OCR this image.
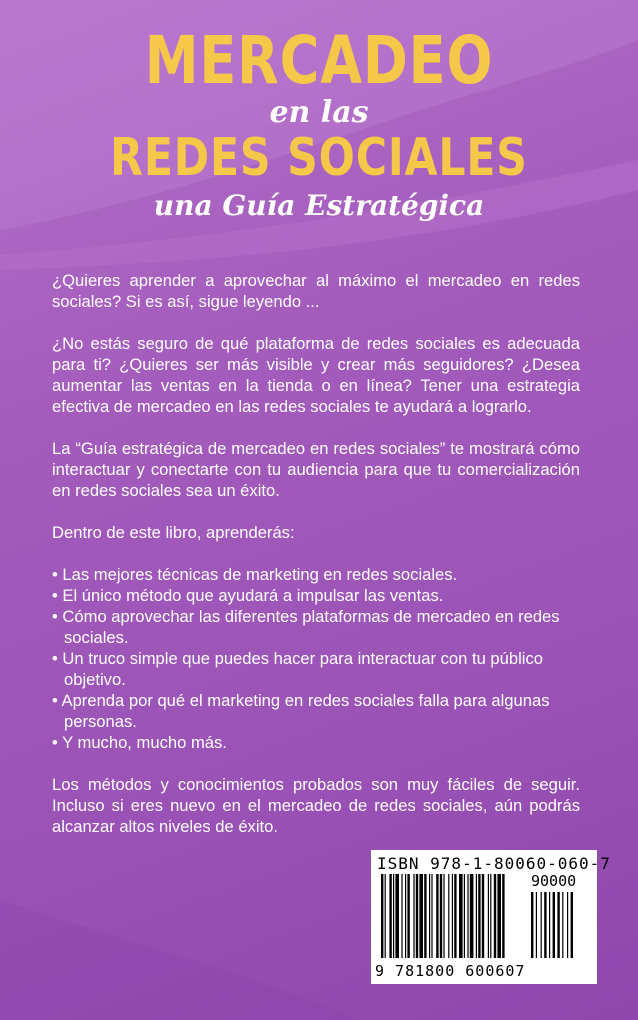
MERCADEO
en las
REDES SOCIALES
una Guía Estratégica

¿Quieres aprender a aprovechar al máximo el mercadeo en redes sociales? Si es así, sigue leyendo ...

¿No estás seguro de qué plataforma de redes sociales es adecuada para ti? ¿Quieres ser más visible y crear más seguidores? ¿Desea aumentar las ventas en la tienda o en línea? Tener una estrategia efectiva de mercadeo en las redes sociales te ayudará a lograrlo.

La “Guía estratégica de mercadeo en redes sociales” te mostrará cómo interactuar y conectarte con tu audiencia para que tu comercialización en redes sociales sea un éxito.

Dentro de este libro, aprenderás:

• Las mejores técnicas de marketing en redes sociales.
• El único método que ayudará a impulsar las ventas.
• Cómo aprovechar las diferentes plataformas de mercadeo en redes sociales.
• Un truco simple que puedes hacer para interactuar con tu público objetivo.
• Aprenda por qué el marketing en redes sociales falla para algunas personas.
• Y mucho, mucho más.

Los métodos y conocimientos probados son muy fáciles de seguir. Incluso si eres nuevo en el mercadeo de redes sociales, aún podrás alcanzar altos niveles de éxito.

ISBN 978-1-80060-060-7
90000
9 781800 600607
